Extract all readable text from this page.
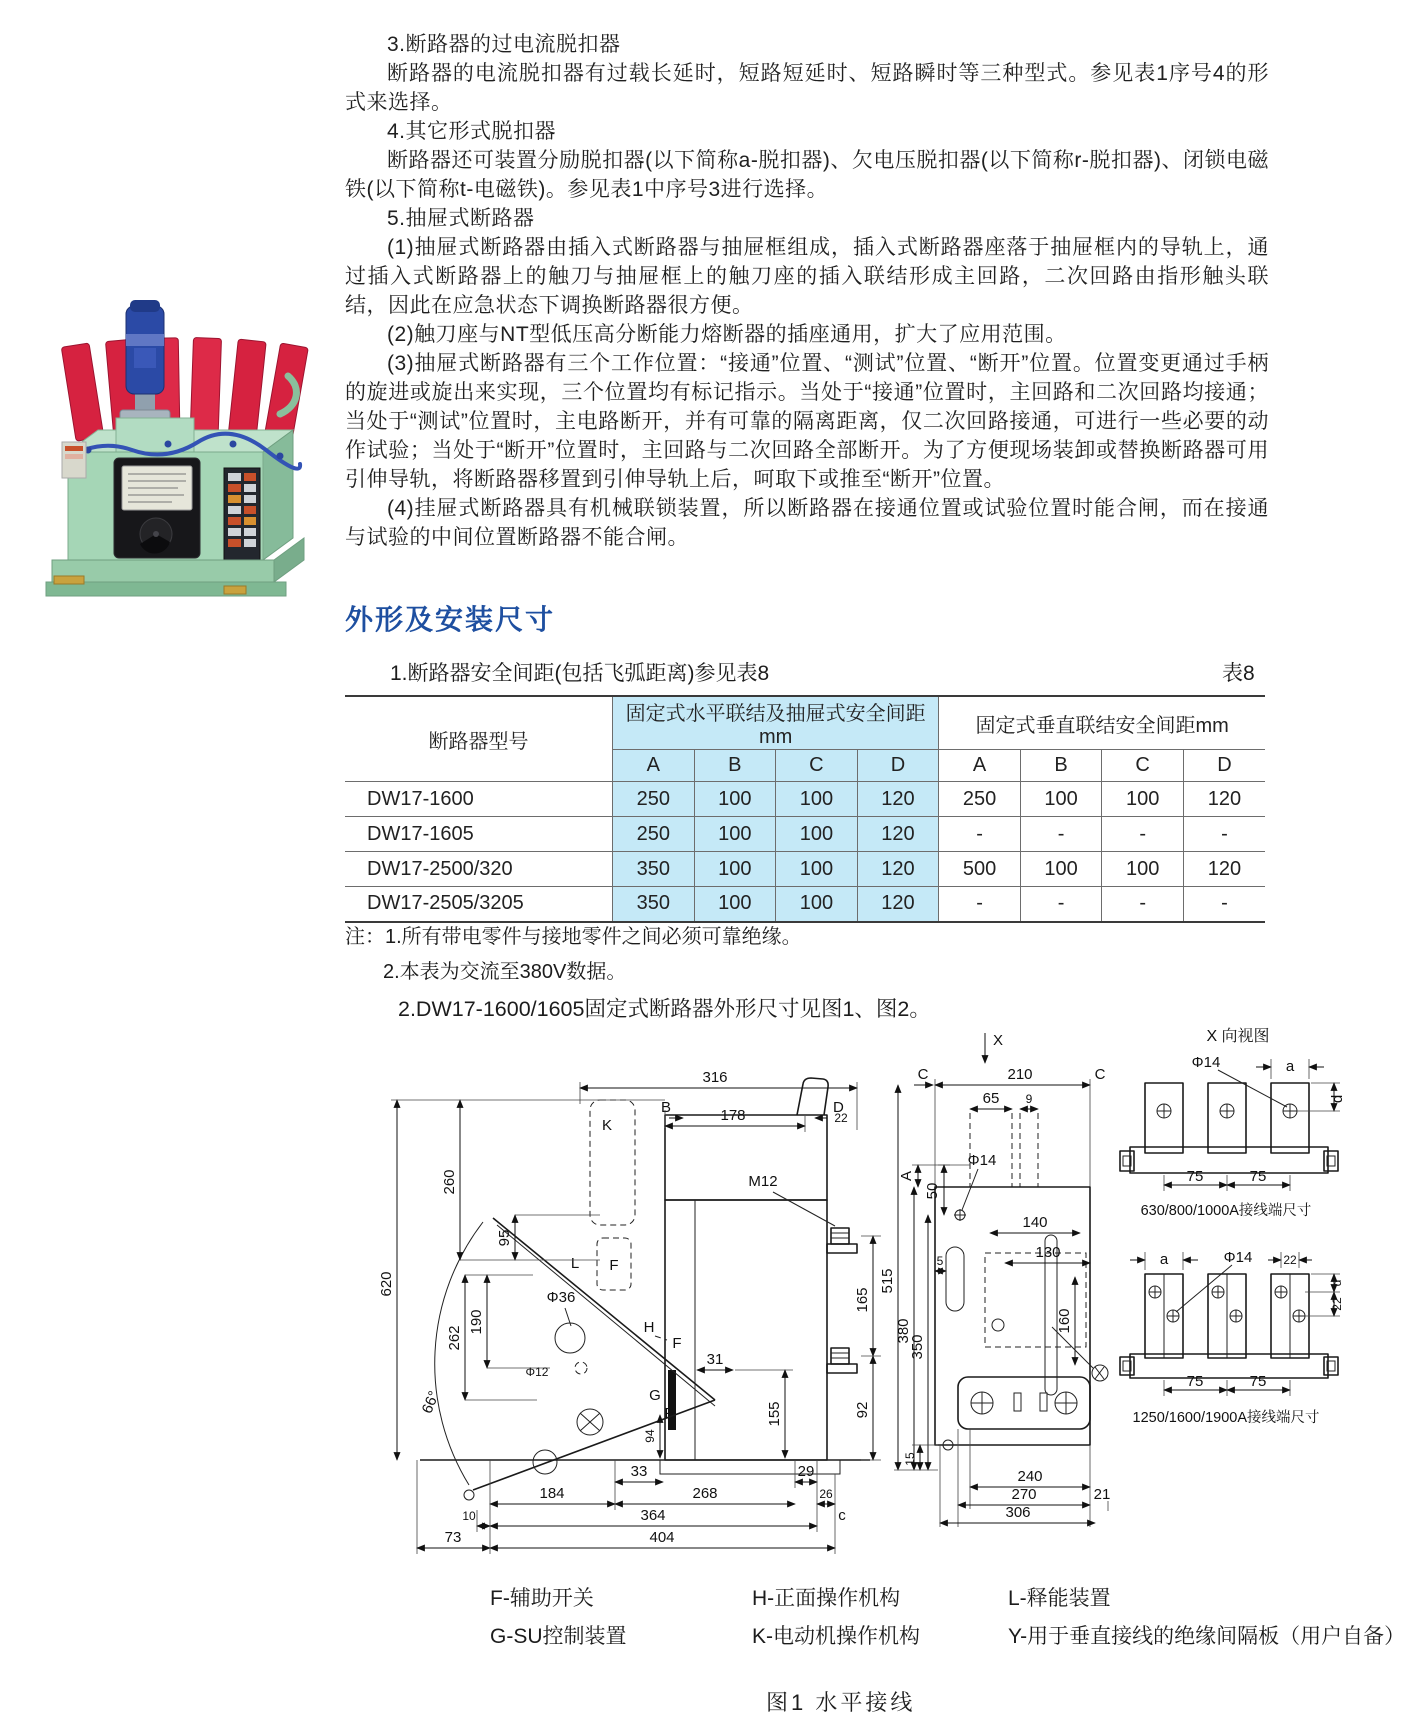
3.断路器的过电流脱扣器

断路器的电流脱扣器有过载长延时，短路短延时、短路瞬时等三种型式。参见表1序号4的形式来选择。

4.其它形式脱扣器

断路器还可装置分励脱扣器(以下简称a-脱扣器)、欠电压脱扣器(以下简称r-脱扣器)、闭锁电磁铁(以下简称t-电磁铁)。参见表1中序号3进行选择。

5.抽屉式断路器

(1)抽屉式断路器由插入式断路器与抽屉框组成，插入式断路器座落于抽屉框内的导轨上，通过插入式断路器上的触刀与抽屉框上的触刀座的插入联结形成主回路，二次回路由指形触头联结，因此在应急状态下调换断路器很方便。

(2)触刀座与NT型低压高分断能力熔断器的插座通用，扩大了应用范围。

(3)抽屉式断路器有三个工作位置：“接通”位置、“测试”位置、“断开”位置。位置变更通过手柄的旋进或旋出来实现，三个位置均有标记指示。当处于“接通”位置时，主回路和二次回路均接通；当处于“测试”位置时，主电路断开，并有可靠的隔离距离，仅二次回路接通，可进行一些必要的动作试验；当处于“断开”位置时，主回路与二次回路全部断开。为了方便现场装卸或替换断路器可用引伸导轨，将断路器移置到引伸导轨上后，呵取下或推至“断开”位置。

(4)挂屉式断路器具有机械联锁装置，所以断路器在接通位置或试验位置时能合闸，而在接通与试验的中间位置断路器不能合闸。

外形及安装尺寸
1.断路器安全间距(包括飞弧距离)参见表8	表8
断路器型号	固定式水平联结及抽屉式安全间距mm				固定式垂直联结安全间距mm			
	A	B	C	D	A	B	C	D
DW17-1600	250	100	100	120	250	100	100	120
DW17-1605	250	100	100	120	-	-	-	-
DW17-2500/320	350	100	100	120	500	100	100	120
DW17-2505/3205	350	100	100	120	-	-	-	-
注：1.所有带电零件与接地零件之间必须可靠绝缘。
2.本表为交流至380V数据。
2.DW17-1600/1605固定式断路器外形尺寸见图1、图2。
316
B	D
178	22
K
F
L
H
F
G
F
620
260
95
190
262
66°
Φ36
Φ12
M12
165
92
31
155
94
33	29
184	268	26
10	364	c
73	404
X
C	210	C
65 9
A
Φ14
50
5
515
380
350
140
130
160
15
240
270	21
306
X 向视图
Φ14	a
d
75	75
630/800/1000A接线端尺寸
a	Φ14	22
d
22
75	75
1250/1600/1900A接线端尺寸
F-辅助开关
G-SU控制装置
H-正面操作机构
K-电动机操作机构
L-释能装置
Y-用于垂直接线的绝缘间隔板（用户自备）
图1 水平接线
